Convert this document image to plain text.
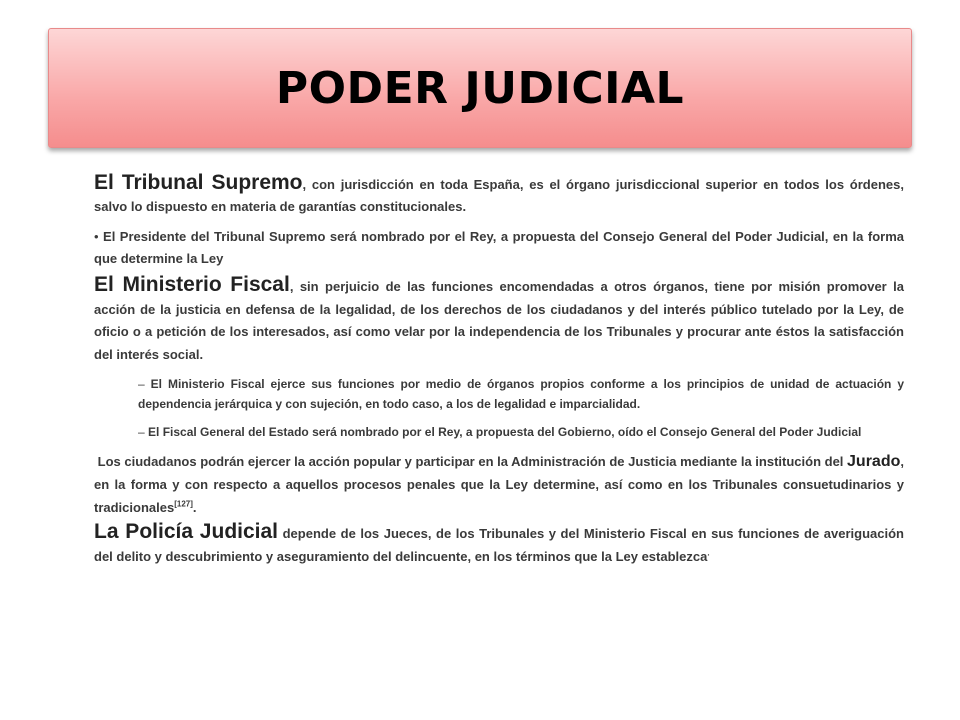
PODER JUDICIAL

El Tribunal Supremo, con jurisdicción en toda España, es el órgano jurisdiccional superior en todos los órdenes, salvo lo dispuesto en materia de garantías constitucionales.

• El Presidente del Tribunal Supremo será nombrado por el Rey, a propuesta del Consejo General del Poder Judicial, en la forma que determine la Ley

El Ministerio Fiscal, sin perjuicio de las funciones encomendadas a otros órganos, tiene por misión promover la acción de la justicia en defensa de la legalidad, de los derechos de los ciudadanos y del interés público tutelado por la Ley, de oficio o a petición de los interesados, así como velar por la independencia de los Tribunales y procurar ante éstos la satisfacción del interés social.

– El Ministerio Fiscal ejerce sus funciones por medio de órganos propios conforme a los principios de unidad de actuación y dependencia jerárquica y con sujeción, en todo caso, a los de legalidad e imparcialidad.

– El Fiscal General del Estado será nombrado por el Rey, a propuesta del Gobierno, oído el Consejo General del Poder Judicial

Los ciudadanos podrán ejercer la acción popular y participar en la Administración de Justicia mediante la institución del Jurado, en la forma y con respecto a aquellos procesos penales que la Ley determine, así como en los Tribunales consuetudinarios y tradicionales[127].

La Policía Judicial depende de los Jueces, de los Tribunales y del Ministerio Fiscal en sus funciones de averiguación del delito y descubrimiento y aseguramiento del delincuente, en los términos que la Ley establezca.
